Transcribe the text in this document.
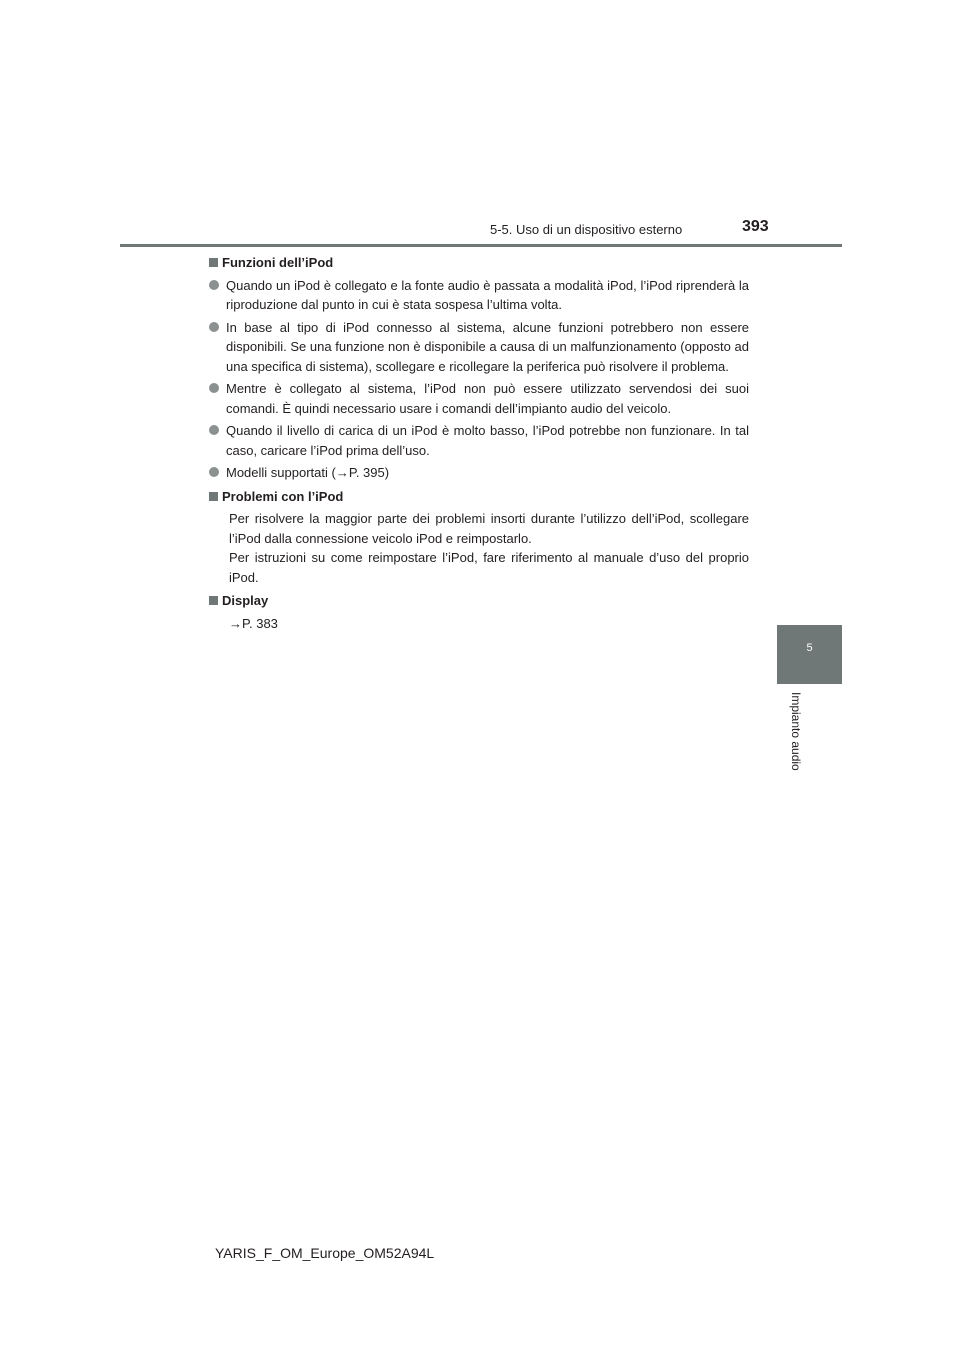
5-5. Uso di un dispositivo esterno	393
5
Impianto audio
Funzioni dell’iPod
Quando un iPod è collegato e la fonte audio è passata a modalità iPod, l’iPod riprenderà la riproduzione dal punto in cui è stata sospesa l’ultima volta.
In base al tipo di iPod connesso al sistema, alcune funzioni potrebbero non essere disponibili. Se una funzione non è disponibile a causa di un malfunzionamento (opposto ad una specifica di sistema), scollegare e ricollegare la periferica può risolvere il problema.
Mentre è collegato al sistema, l’iPod non può essere utilizzato servendosi dei suoi comandi. È quindi necessario usare i comandi dell’impianto audio del veicolo.
Quando il livello di carica di un iPod è molto basso, l’iPod potrebbe non funzionare. In tal caso, caricare l’iPod prima dell’uso.
Modelli supportati (→P. 395)
Problemi con l’iPod
Per risolvere la maggior parte dei problemi insorti durante l’utilizzo dell’iPod, scollegare l’iPod dalla connessione veicolo iPod e reimpostarlo.
Per istruzioni su come reimpostare l’iPod, fare riferimento al manuale d’uso del proprio iPod.
Display
→P. 383
YARIS_F_OM_Europe_OM52A94L
